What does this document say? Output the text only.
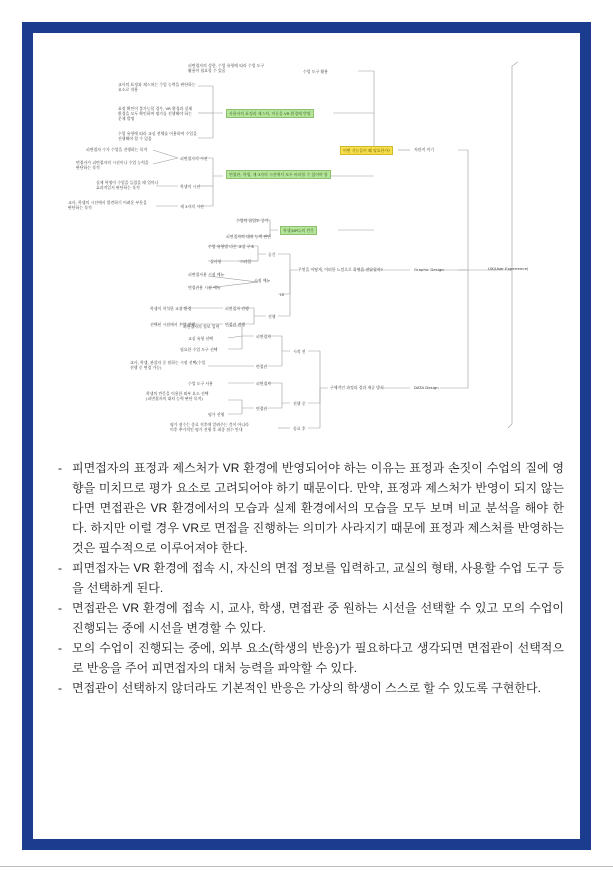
UX(User Experience)
직관적 이기
Graphic Design
DATA Design
어떤 기능들이 왜 필요한가?
수업 도구 활용
피면접자의 성향, 수업 유형에 따라 수업 도구
활용이 필요할 수 있음
사용자의 표정과 제스처, 이동을 VR 환경에 반영
교사의 표정과 제스처는 수업 능력을 판단하는
요소로 작용
표정 확인이 불가능할 경우, VR 환경과 실제
환경을 모두 확인하여 평가를 진행해야 하는
문제 발생
수업 유형에 따라 교실 전체를 이용하여 수업을
진행해야 할 수 있음
면접관, 학생, 제 3자의 시선에서 모두 바라볼 수 있어야 함
피면접자의 시선
피면접자 수가 수업을 진행하는 목적
면접자가 피면접자의 시선이나 수업 능력을
판단하는 목적
학생의 시선
실제 학생이 수업을 들었을 때 얼마나
효과적일지 판단하는 목적
제 3자의 시선
교사, 학생의 시선에서 발견하기 어려운 부분을
판단하는 목적
학생(NPC)의 반응
수업의 몰입도 증가
피면접자의 대처 능력 판단
무엇을 어떻게, 어떠한 느낌으로 화면을 전달할까?
공간
수업 유형별 다른 교실 구조
스타일
실사형
시점 예뉴
피면접자용 시점 예뉴
면접관용 시점 예뉴
UI
진행
피면접자 진행
학생이 착석한 교실 환경
면접관 진행
선택된 시점에서 수업 진행
구체적인 과정과 결과 제공 방식
시작 전
피면접자
피면접자의 정보 입력
교실 유형 선택
필요한 수업 도구 선택
면접관
교사, 학생, 관찰자 중 원하는 시점 선택(수업
진행 중 변경 가능)
진행 중
피면접자
수업 도구 사용
면접관
학생의 반응을 이용한 외부 요소 선택
(피면접자의 대처 능력 판단 목적)
평가 진행
종료 후
평가 점수는 종료 직후에 알려주는 것이 아니라
이후 추가적인 평가 진행 후 최종 점수 안내
- 피면접자의 표정과 제스처가 VR 환경에 반영되어야 하는 이유는 표정과 손짓이 수업의 질에 영향을 미치므로 평가 요소로 고려되어야 하기 때문이다. 만약, 표정과 제스처가 반영이 되지 않는다면 면접관은 VR 환경에서의 모습과 실제 환경에서의 모습을 모두 보며 비교 분석을 해야 한다. 하지만 이럴 경우 VR로 면접을 진행하는 의미가 사라지기 때문에 표정과 제스처를 반영하는 것은 필수적으로 이루어져야 한다.
- 피면접자는 VR 환경에 접속 시, 자신의 면접 정보를 입력하고, 교실의 형태, 사용할 수업 도구 등을 선택하게 된다.
- 면접관은 VR 환경에 접속 시, 교사, 학생, 면접관 중 원하는 시선을 선택할 수 있고 모의 수업이 진행되는 중에 시선을 변경할 수 있다.
- 모의 수업이 진행되는 중에, 외부 요소(학생의 반응)가 필요하다고 생각되면 면접관이 선택적으로 반응을 주어 피면접자의 대처 능력을 파악할 수 있다.
- 면접관이 선택하지 않더라도 기본적인 반응은 가상의 학생이 스스로 할 수 있도록 구현한다.
